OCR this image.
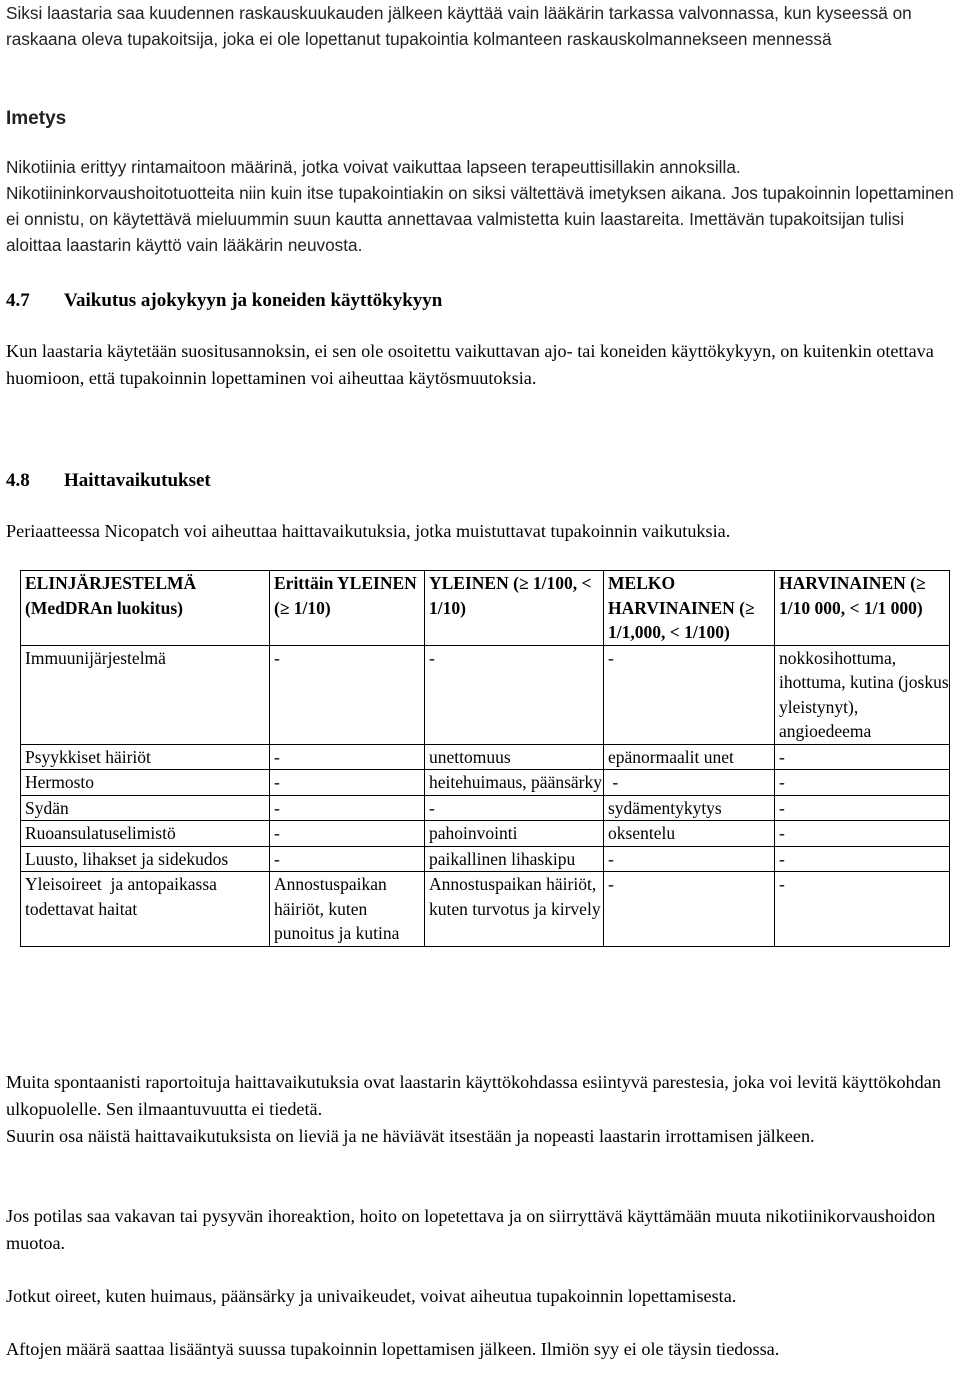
Siksi laastaria saa kuudennen raskauskuukauden jälkeen käyttää vain lääkärin tarkassa valvonnassa, kun kyseessä on raskaana oleva tupakoitsija, joka ei ole lopettanut tupakointia kolmanteen raskauskolmannekseen mennessä

Imetys

Nikotiinia erittyy rintamaitoon määrinä, jotka voivat vaikuttaa lapseen terapeuttisillakin annoksilla. Nikotiininkorvaushoitotuotteita niin kuin itse tupakointiakin on siksi vältettävä imetyksen aikana. Jos tupakoinnin lopettaminen ei onnistu, on käytettävä mieluummin suun kautta annettavaa valmistetta kuin laastareita. Imettävän tupakoitsijan tulisi aloittaa laastarin käyttö vain lääkärin neuvosta.

4.7 Vaikutus ajokykyyn ja koneiden käyttökykyyn

Kun laastaria käytetään suositusannoksin, ei sen ole osoitettu vaikuttavan ajo- tai koneiden käyttökykyyn, on kuitenkin otettava huomioon, että tupakoinnin lopettaminen voi aiheuttaa käytösmuutoksia.

4.8 Haittavaikutukset

Periaatteessa Nicopatch voi aiheuttaa haittavaikutuksia, jotka muistuttavat tupakoinnin vaikutuksia.

ELINJÄRJESTELMÄ (MedDRAn luokitus)	Erittäin YLEINEN (≥ 1/10)	YLEINEN (≥ 1/100, < 1/10)	MELKO HARVINAINEN (≥ 1/1,000, < 1/100)	HARVINAINEN (≥ 1/10 000, < 1/1 000)
Immuunijärjestelmä	-	-	-	nokkosihottuma, ihottuma, kutina (joskus yleistynyt), angioedeema
Psyykkiset häiriöt	-	unettomuus	epänormaalit unet	-
Hermosto	-	heitehuimaus, päänsärky	-	-
Sydän	-	-	sydämentykytys	-
Ruoansulatuselimistö	-	pahoinvointi	oksentelu	-
Luusto, lihakset ja sidekudos	-	paikallinen lihaskipu	-	-
Yleisoireet  ja antopaikassa todettavat haitat	Annostuspaikan häiriöt, kuten punoitus ja kutina	Annostuspaikan häiriöt, kuten turvotus ja kirvely	-	-

Muita spontaanisti raportoituja haittavaikutuksia ovat laastarin käyttökohdassa esiintyvä parestesia, joka voi levitä käyttökohdan ulkopuolelle. Sen ilmaantuvuutta ei tiedetä.

Suurin osa näistä haittavaikutuksista on lieviä ja ne häviävät itsestään ja nopeasti laastarin irrottamisen jälkeen.

Jos potilas saa vakavan tai pysyvän ihoreaktion, hoito on lopetettava ja on siirryttävä käyttämään muuta nikotiinikorvaushoidon muotoa.

Jotkut oireet, kuten huimaus, päänsärky ja univaikeudet, voivat aiheutua tupakoinnin lopettamisesta.

Aftojen määrä saattaa lisääntyä suussa tupakoinnin lopettamisen jälkeen. Ilmiön syy ei ole täysin tiedossa.
